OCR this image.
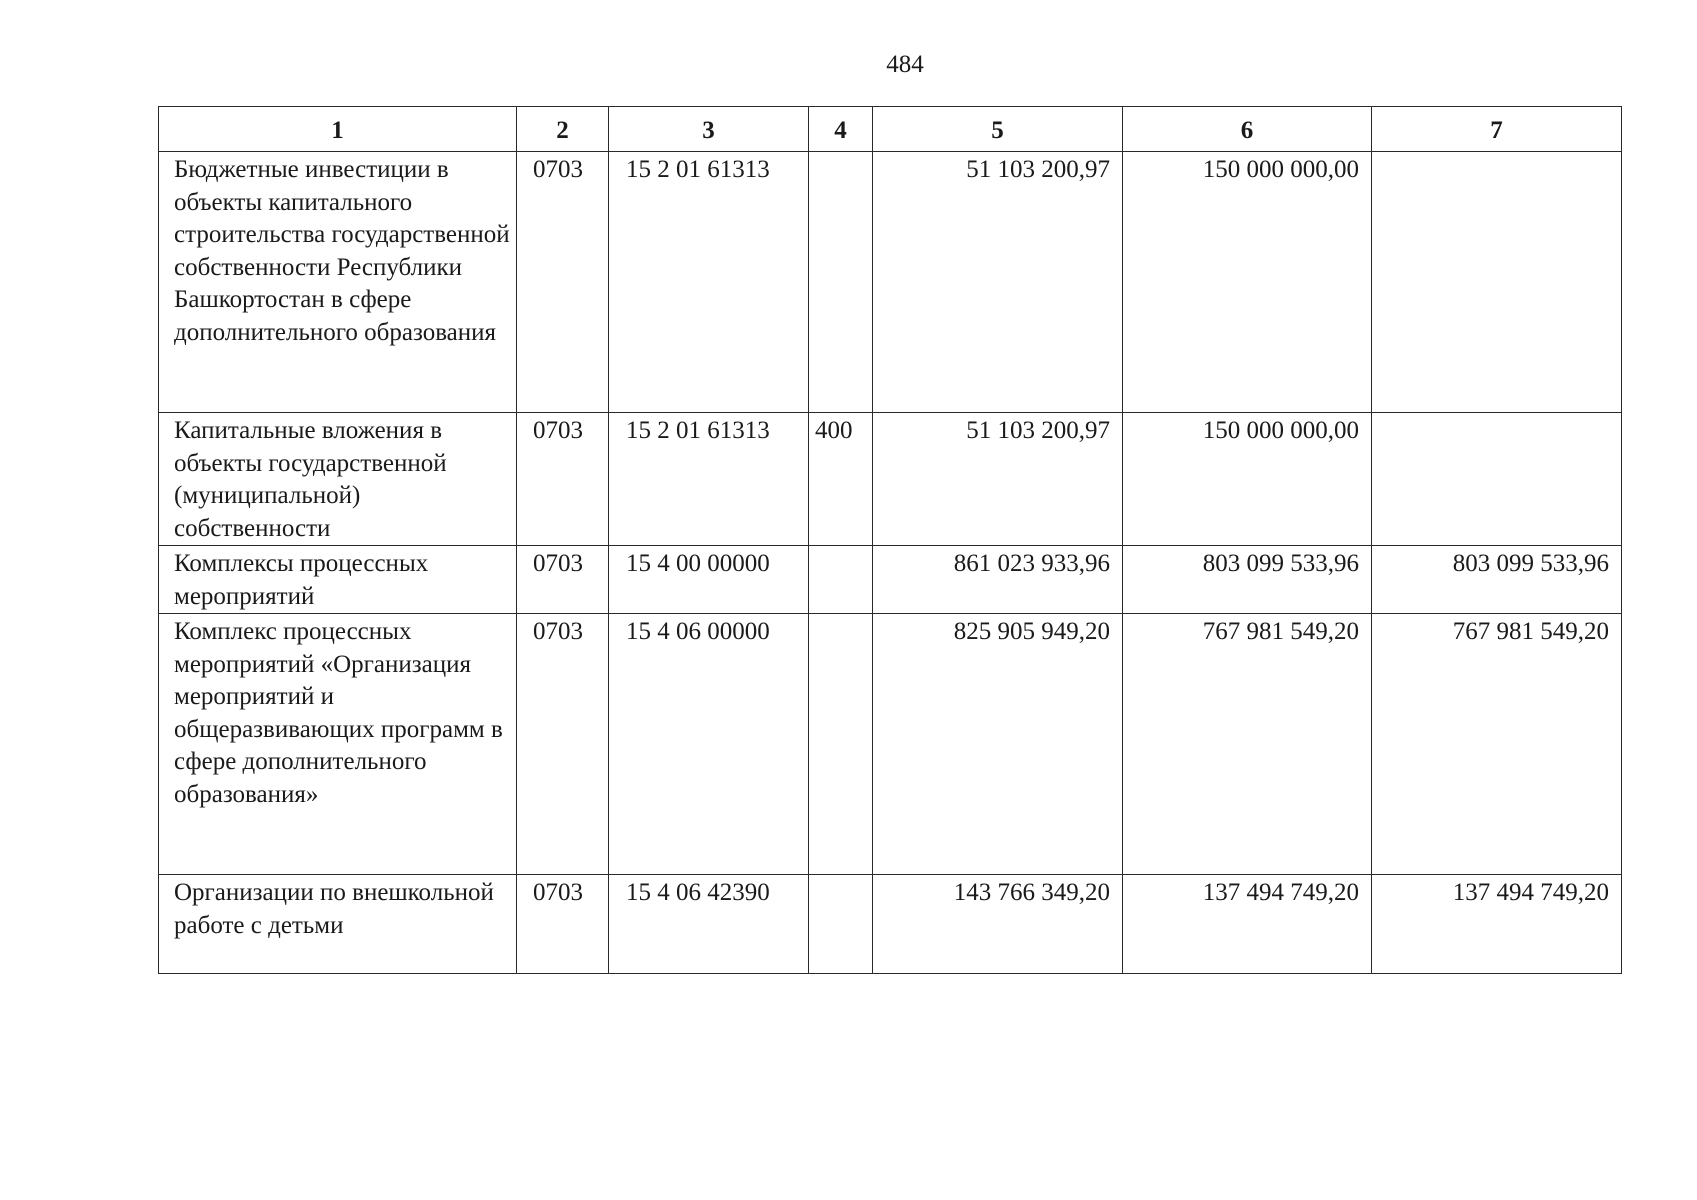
484
1	2	3	4	5	6	7
Бюджетные инвестиции в объекты капитального строительства государственной собственности Республики Башкортостан в сфере дополнительного образования	0703	15 2 01 61313		51 103 200,97	150 000 000,00	
Капитальные вложения в объекты государственной (муниципальной) собственности	0703	15 2 01 61313	400	51 103 200,97	150 000 000,00	
Комплексы процессных мероприятий	0703	15 4 00 00000		861 023 933,96	803 099 533,96	803 099 533,96
Комплекс процессных мероприятий «Организация мероприятий и общеразвивающих программ в сфере дополнительного образования»	0703	15 4 06 00000		825 905 949,20	767 981 549,20	767 981 549,20
Организации по внешкольной работе с детьми	0703	15 4 06 42390		143 766 349,20	137 494 749,20	137 494 749,20
